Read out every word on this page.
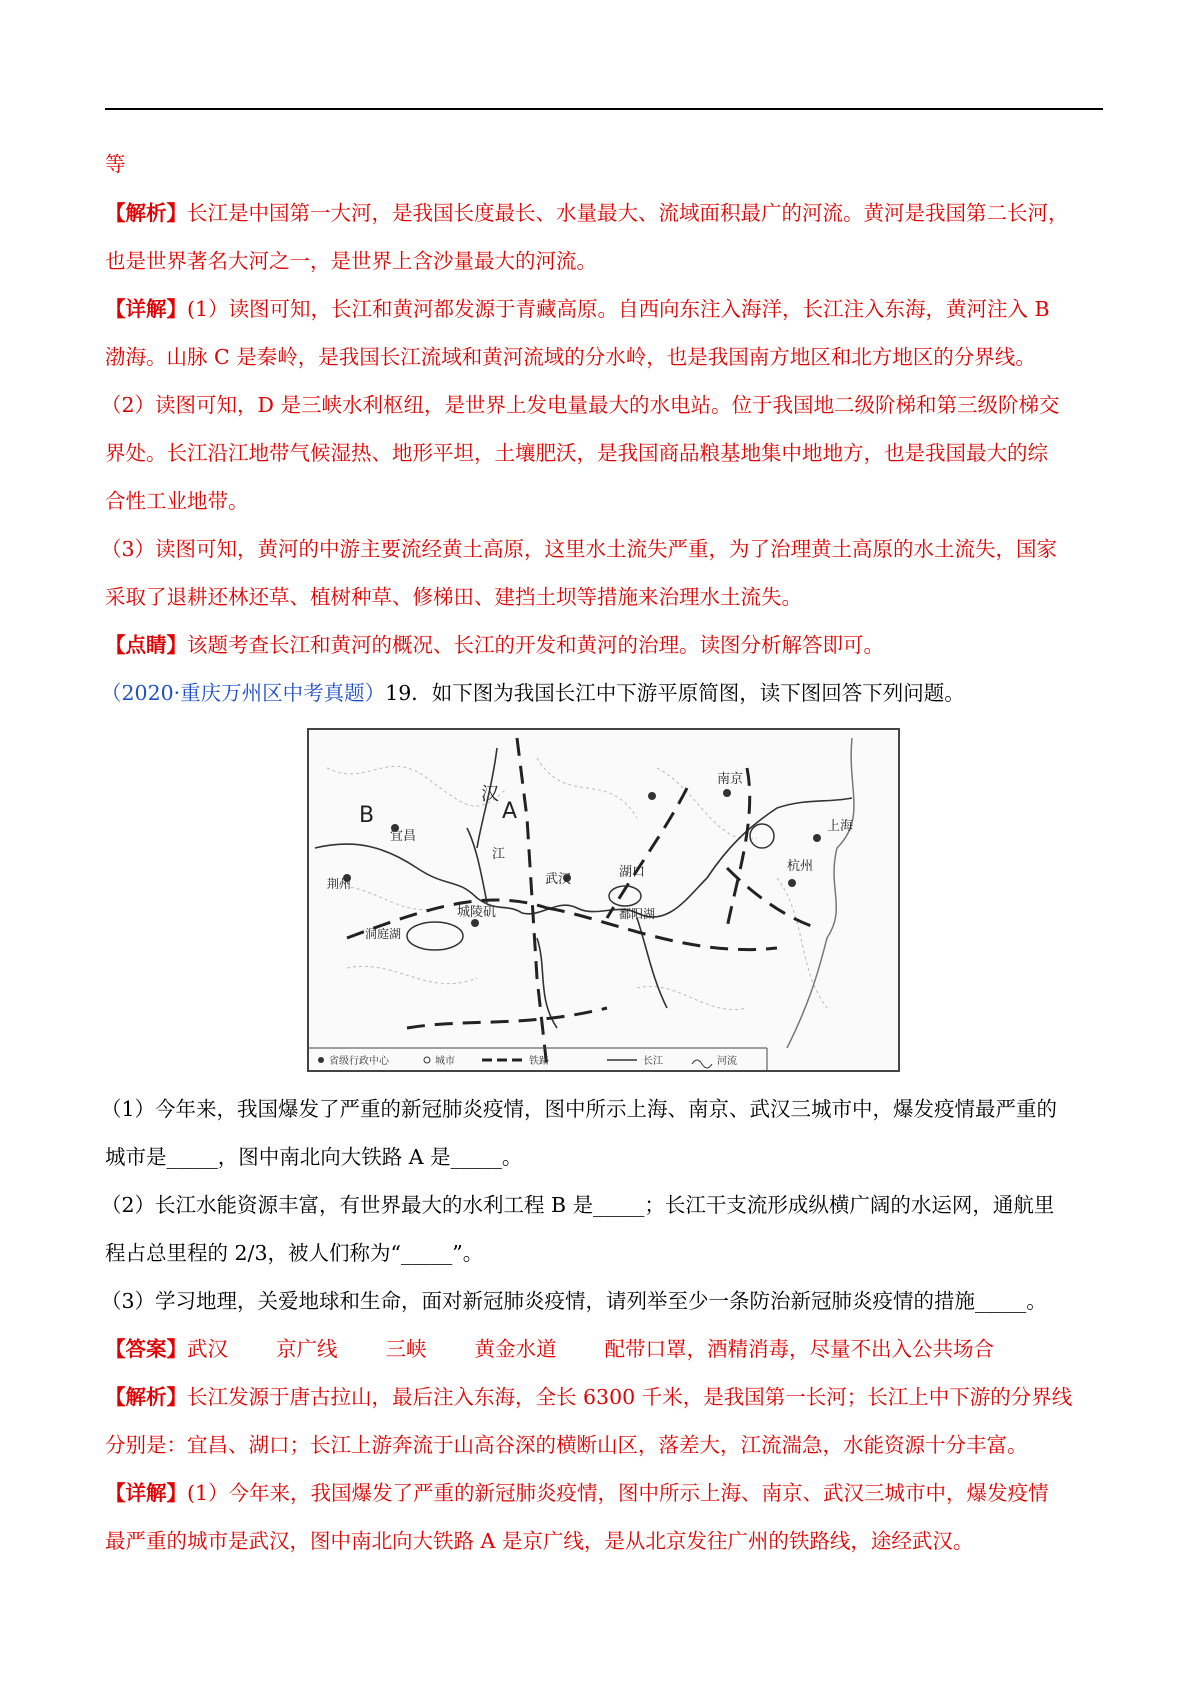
等
【解析】长江是中国第一大河，是我国长度最长、水量最大、流域面积最广的河流。黄河是我国第二长河，
也是世界著名大河之一，是世界上含沙量最大的河流。
【详解】(1）读图可知，长江和黄河都发源于青藏高原。自西向东注入海洋，长江注入东海，黄河注入 B
渤海。山脉 C 是秦岭，是我国长江流域和黄河流域的分水岭，也是我国南方地区和北方地区的分界线。
（2）读图可知，D 是三峡水利枢纽，是世界上发电量最大的水电站。位于我国地二级阶梯和第三级阶梯交
界处。长江沿江地带气候湿热、地形平坦，土壤肥沃，是我国商品粮基地集中地地方，也是我国最大的综
合性工业地带。
（3）读图可知，黄河的中游主要流经黄土高原，这里水土流失严重，为了治理黄土高原的水土流失，国家
采取了退耕还林还草、植树种草、修梯田、建挡土坝等措施来治理水土流失。
【点睛】该题考查长江和黄河的概况、长江的开发和黄河的治理。读图分析解答即可。
（2020·重庆万州区中考真题）19．如下图为我国长江中下游平原简图，读下图回答下列问题。
B
宜昌
汉
A
江
武汉
南京
上海
湖口	杭州
城陵矶
洞庭湖
鄱阳湖
荆州
省级行政中心	城市	铁路	长江	河流
（1）今年来，我国爆发了严重的新冠肺炎疫情，图中所示上海、南京、武汉三城市中，爆发疫情最严重的
城市是_____，图中南北向大铁路 A 是_____。
（2）长江水能资源丰富，有世界最大的水利工程 B 是_____；长江干支流形成纵横广阔的水运网，通航里
程占总里程的 2/3，被人们称为“_____”。
（3）学习地理，关爱地球和生命，面对新冠肺炎疫情，请列举至少一条防治新冠肺炎疫情的措施_____。
【答案】武汉 京广线 三峡 黄金水道 配带口罩，酒精消毒，尽量不出入公共场合
【解析】长江发源于唐古拉山，最后注入东海，全长 6300 千米，是我国第一长河；长江上中下游的分界线
分别是：宜昌、湖口；长江上游奔流于山高谷深的横断山区，落差大，江流湍急，水能资源十分丰富。
【详解】(1）今年来，我国爆发了严重的新冠肺炎疫情，图中所示上海、南京、武汉三城市中，爆发疫情
最严重的城市是武汉，图中南北向大铁路 A 是京广线，是从北京发往广州的铁路线，途经武汉。
